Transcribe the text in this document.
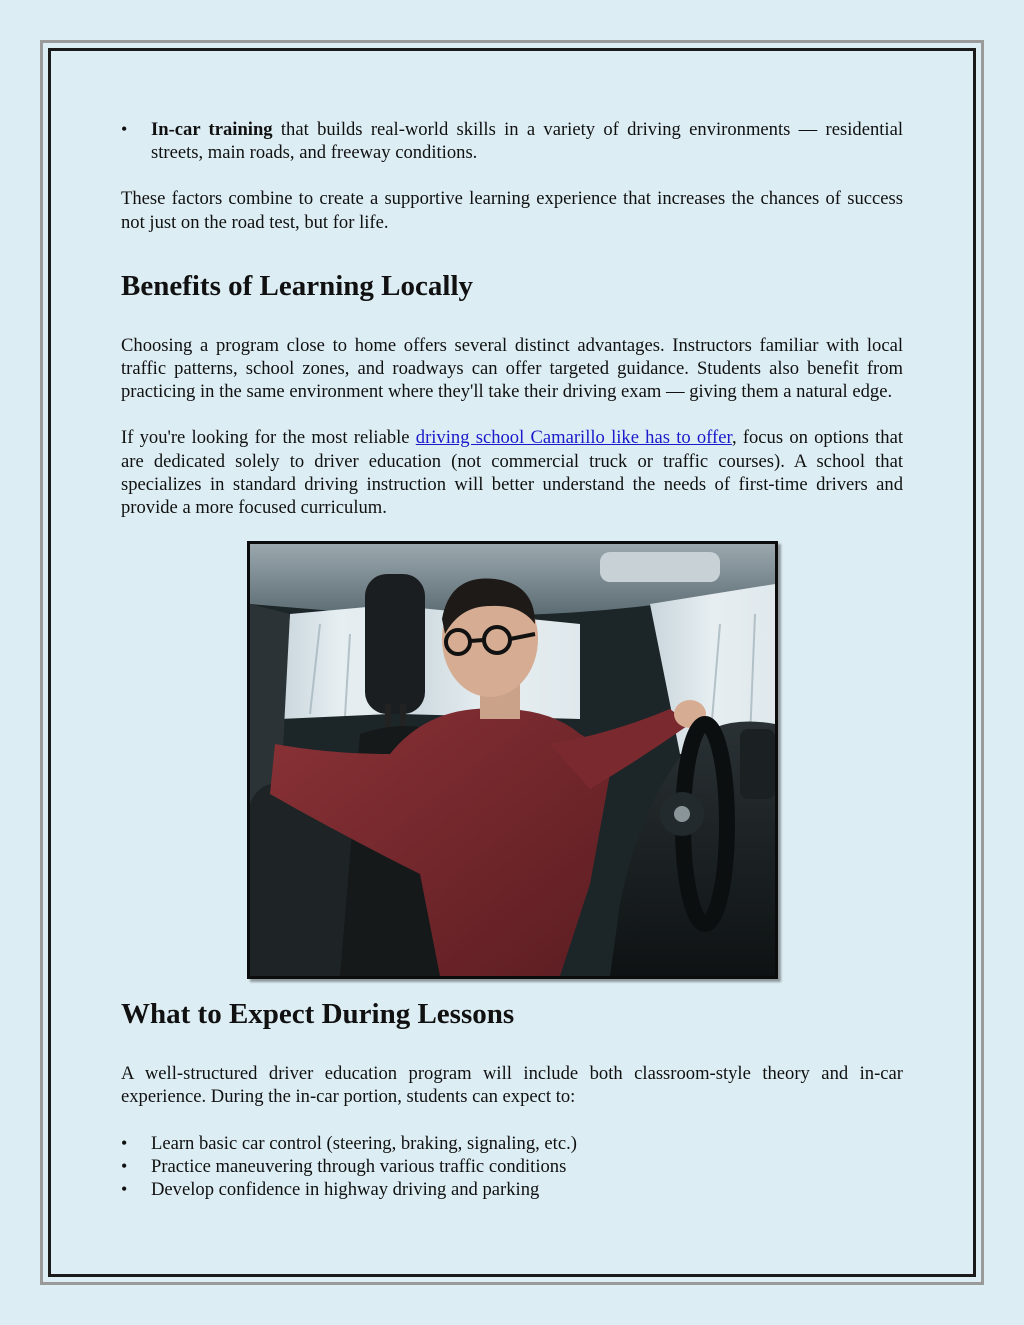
• In-car training that builds real-world skills in a variety of driving environments — residential streets, main roads, and freeway conditions.

These factors combine to create a supportive learning experience that increases the chances of success not just on the road test, but for life.

Benefits of Learning Locally

Choosing a program close to home offers several distinct advantages. Instructors familiar with local traffic patterns, school zones, and roadways can offer targeted guidance. Students also benefit from practicing in the same environment where they'll take their driving exam — giving them a natural edge.

If you're looking for the most reliable driving school Camarillo like has to offer, focus on options that are dedicated solely to driver education (not commercial truck or traffic courses). A school that specializes in standard driving instruction will better understand the needs of first-time drivers and provide a more focused curriculum.

What to Expect During Lessons

A well-structured driver education program will include both classroom-style theory and in-car experience. During the in-car portion, students can expect to:

• Learn basic car control (steering, braking, signaling, etc.)
• Practice maneuvering through various traffic conditions
• Develop confidence in highway driving and parking
